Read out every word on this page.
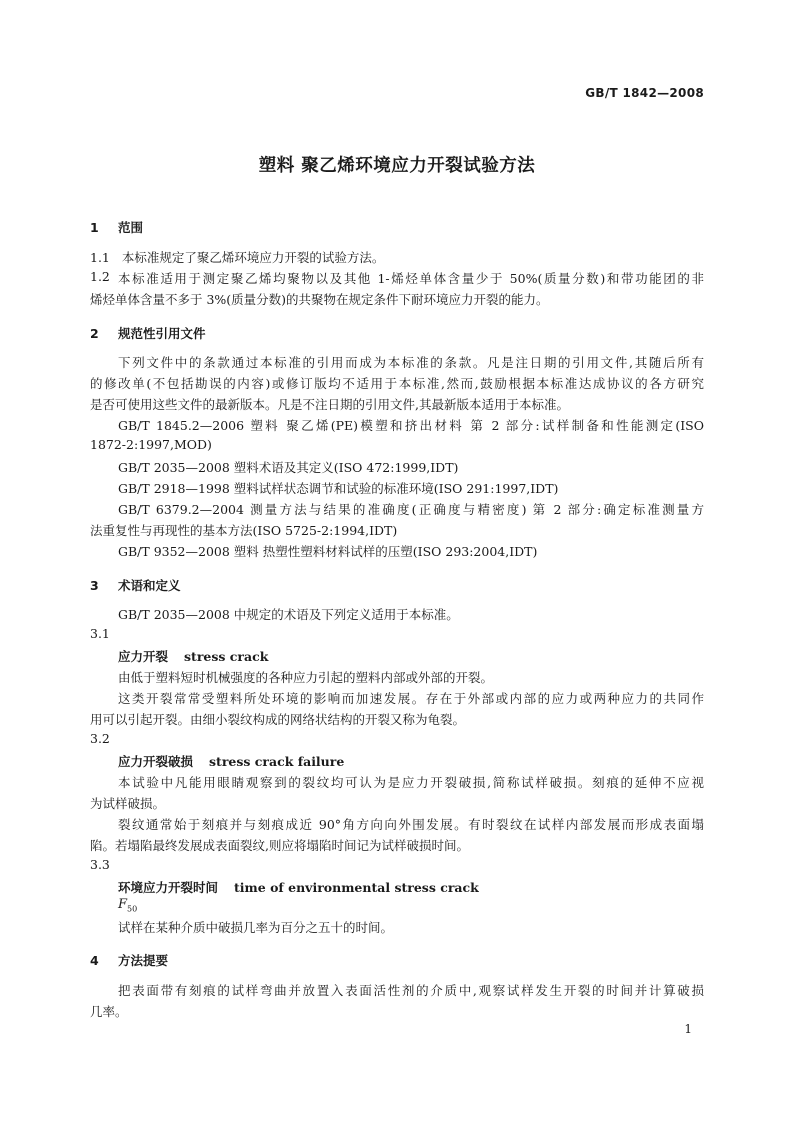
GB/T 1842—2008
塑料 聚乙烯环境应力开裂试验方法
1 范围
1.1 本标准规定了聚乙烯环境应力开裂的试验方法。
1.2 本标准适用于测定聚乙烯均聚物以及其他 1-烯烃单体含量少于 50%(质量分数)和带功能团的非
烯烃单体含量不多于 3%(质量分数)的共聚物在规定条件下耐环境应力开裂的能力。
2 规范性引用文件
下列文件中的条款通过本标准的引用而成为本标准的条款。凡是注日期的引用文件,其随后所有
的修改单(不包括勘误的内容)或修订版均不适用于本标准,然而,鼓励根据本标准达成协议的各方研究
是否可使用这些文件的最新版本。凡是不注日期的引用文件,其最新版本适用于本标准。
GB/T 1845.2—2006 塑料 聚乙烯(PE)模塑和挤出材料 第 2 部分:试样制备和性能测定(ISO
1872-2:1997,MOD)
GB/T 2035—2008 塑料术语及其定义(ISO 472:1999,IDT)
GB/T 2918—1998 塑料试样状态调节和试验的标准环境(ISO 291:1997,IDT)
GB/T 6379.2—2004 测量方法与结果的准确度(正确度与精密度) 第 2 部分:确定标准测量方
法重复性与再现性的基本方法(ISO 5725-2:1994,IDT)
GB/T 9352—2008 塑料 热塑性塑料材料试样的压塑(ISO 293:2004,IDT)
3 术语和定义
GB/T 2035—2008 中规定的术语及下列定义适用于本标准。
3.1
应力开裂 stress crack
由低于塑料短时机械强度的各种应力引起的塑料内部或外部的开裂。
这类开裂常常受塑料所处环境的影响而加速发展。存在于外部或内部的应力或两种应力的共同作
用可以引起开裂。由细小裂纹构成的网络状结构的开裂又称为龟裂。
3.2
应力开裂破损 stress crack failure
本试验中凡能用眼睛观察到的裂纹均可认为是应力开裂破损,简称试样破损。刻痕的延伸不应视
为试样破损。
裂纹通常始于刻痕并与刻痕成近 90°角方向向外围发展。有时裂纹在试样内部发展而形成表面塌
陷。若塌陷最终发展成表面裂纹,则应将塌陷时间记为试样破损时间。
3.3
环境应力开裂时间 time of environmental stress crack
$F_{50}$
试样在某种介质中破损几率为百分之五十的时间。
4 方法提要
把表面带有刻痕的试样弯曲并放置入表面活性剂的介质中,观察试样发生开裂的时间并计算破损
几率。
1
